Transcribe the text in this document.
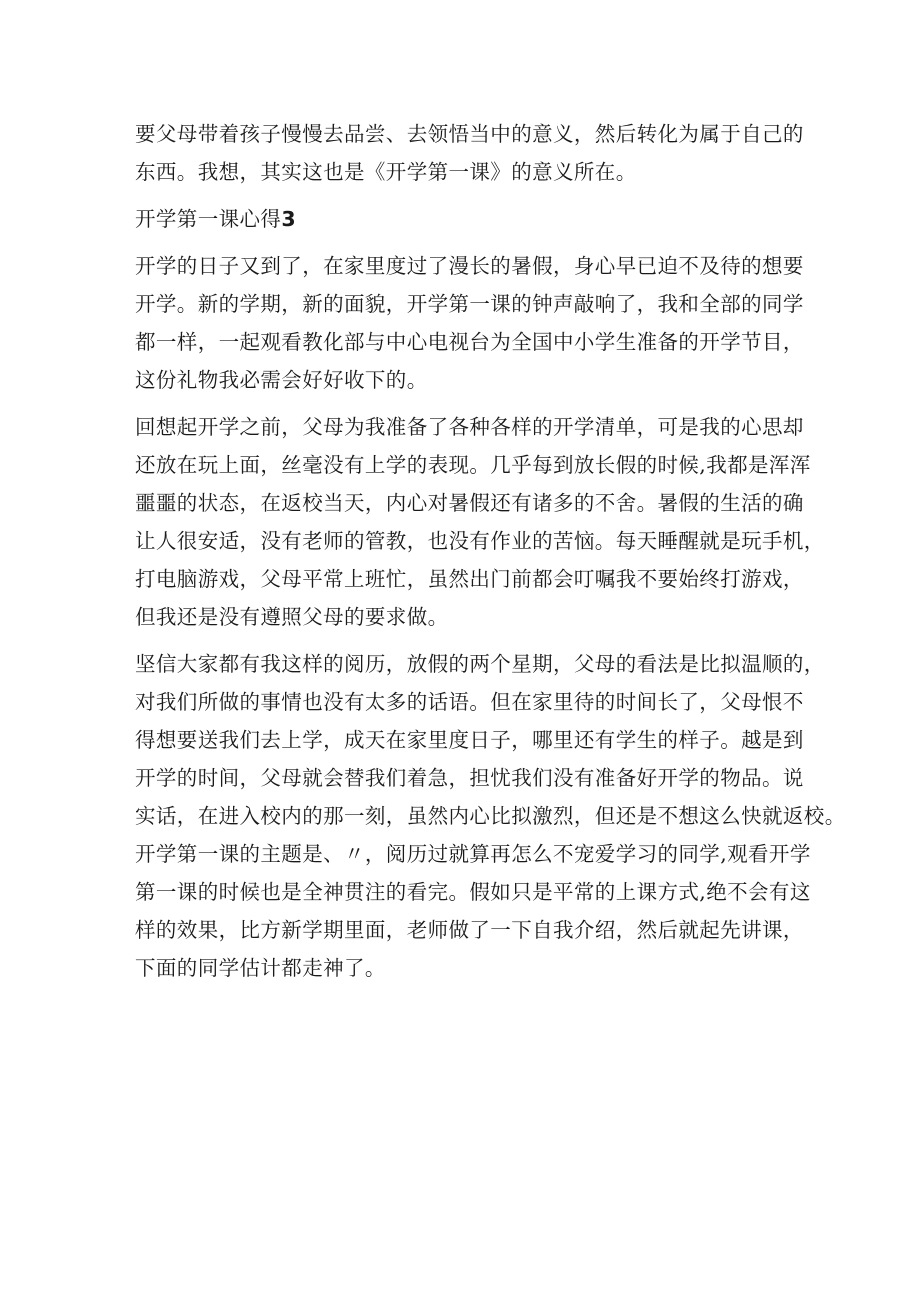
要父母带着孩子慢慢去品尝、去领悟当中的意义，然后转化为属于自己的
东西。我想，其实这也是《开学第一课》的意义所在。
开学第一课心得3
开学的日子又到了，在家里度过了漫长的暑假，身心早已迫不及待的想要
开学。新的学期，新的面貌，开学第一课的钟声敲响了，我和全部的同学
都一样，一起观看教化部与中心电视台为全国中小学生准备的开学节目，
这份礼物我必需会好好收下的。
回想起开学之前，父母为我准备了各种各样的开学清单，可是我的心思却
还放在玩上面，丝毫没有上学的表现。几乎每到放长假的时候,我都是浑浑
噩噩的状态，在返校当天，内心对暑假还有诸多的不舍。暑假的生活的确
让人很安适，没有老师的管教，也没有作业的苦恼。每天睡醒就是玩手机，
打电脑游戏，父母平常上班忙，虽然出门前都会叮嘱我不要始终打游戏，
但我还是没有遵照父母的要求做。
坚信大家都有我这样的阅历，放假的两个星期，父母的看法是比拟温顺的，
对我们所做的事情也没有太多的话语。但在家里待的时间长了，父母恨不
得想要送我们去上学，成天在家里度日子，哪里还有学生的样子。越是到
开学的时间，父母就会替我们着急，担忧我们没有准备好开学的物品。说
实话，在进入校内的那一刻，虽然内心比拟激烈，但还是不想这么快就返校。
开学第一课的主题是、〃，阅历过就算再怎么不宠爱学习的同学,观看开学
第一课的时候也是全神贯注的看完。假如只是平常的上课方式,绝不会有这
样的效果，比方新学期里面，老师做了一下自我介绍，然后就起先讲课，
下面的同学估计都走神了。
